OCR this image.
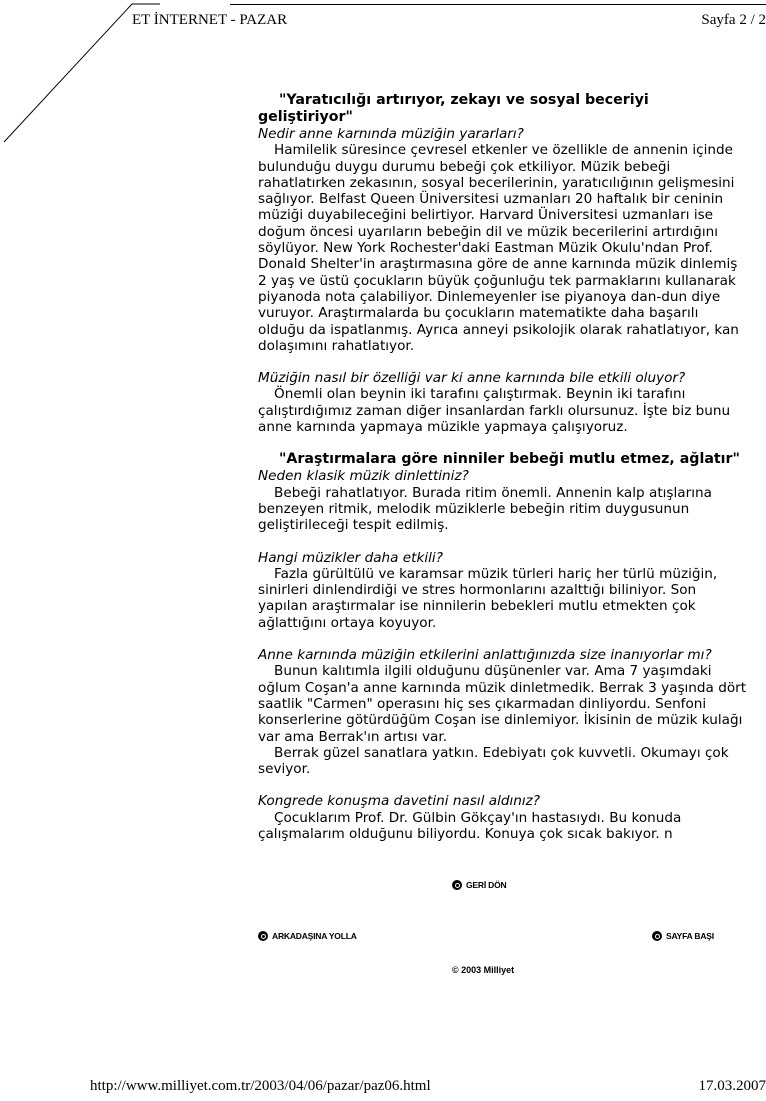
ET İNTERNET - PAZAR	Sayfa 2 / 2

"Yaratıcılığı artırıyor, zekayı ve sosyal beceriyi geliştiriyor"

Nedir anne karnında müziğin yararları?

Hamilelik süresince çevresel etkenler ve özellikle de annenin içinde bulunduğu duygu durumu bebeği çok etkiliyor. Müzik bebeği rahatlatırken zekasının, sosyal becerilerinin, yaratıcılığının gelişmesini sağlıyor. Belfast Queen Üniversitesi uzmanları 20 haftalık bir ceninin müziği duyabileceğini belirtiyor. Harvard Üniversitesi uzmanları ise doğum öncesi uyarıların bebeğin dil ve müzik becerilerini artırdığını söylüyor. New York Rochester'daki Eastman Müzik Okulu'ndan Prof. Donald Shelter'in araştırmasına göre de anne karnında müzik dinlemiş 2 yaş ve üstü çocukların büyük çoğunluğu tek parmaklarını kullanarak piyanoda nota çalabiliyor. Dinlemeyenler ise piyanoya dan-dun diye vuruyor. Araştırmalarda bu çocukların matematikte daha başarılı olduğu da ispatlanmış. Ayrıca anneyi psikolojik olarak rahatlatıyor, kan dolaşımını rahatlatıyor.

Müziğin nasıl bir özelliği var ki anne karnında bile etkili oluyor?

Önemli olan beynin iki tarafını çalıştırmak. Beynin iki tarafını çalıştırdığımız zaman diğer insanlardan farklı olursunuz. İşte biz bunu anne karnında yapmaya müzikle yapmaya çalışıyoruz.

"Araştırmalara göre ninniler bebeği mutlu etmez, ağlatır"

Neden klasik müzik dinlettiniz?

Bebeği rahatlatıyor. Burada ritim önemli. Annenin kalp atışlarına benzeyen ritmik, melodik müziklerle bebeğin ritim duygusunun geliştirileceği tespit edilmiş.

Hangi müzikler daha etkili?

Fazla gürültülü ve karamsar müzik türleri hariç her türlü müziğin, sinirleri dinlendirdiği ve stres hormonlarını azalttığı biliniyor. Son yapılan araştırmalar ise ninnilerin bebekleri mutlu etmekten çok ağlattığını ortaya koyuyor.

Anne karnında müziğin etkilerini anlattığınızda size inanıyorlar mı?

Bunun kalıtımla ilgili olduğunu düşünenler var. Ama 7 yaşımdaki oğlum Coşan'a anne karnında müzik dinletmedik. Berrak 3 yaşında dört saatlik "Carmen" operasını hiç ses çıkarmadan dinliyordu. Senfoni konserlerine götürdüğüm Coşan ise dinlemiyor. İkisinin de müzik kulağı var ama Berrak'ın artısı var.

Berrak güzel sanatlara yatkın. Edebiyatı çok kuvvetli. Okumayı çok seviyor.

Kongrede konuşma davetini nasıl aldınız?

Çocuklarım Prof. Dr. Gülbin Gökçay'ın hastasıydı. Bu konuda çalışmalarım olduğunu biliyordu. Konuya çok sıcak bakıyor. n

GERİ DÖN
ARKADAŞINA YOLLA	SAYFA BAŞI
© 2003 Milliyet
http://www.milliyet.com.tr/2003/04/06/pazar/paz06.html	17.03.2007
